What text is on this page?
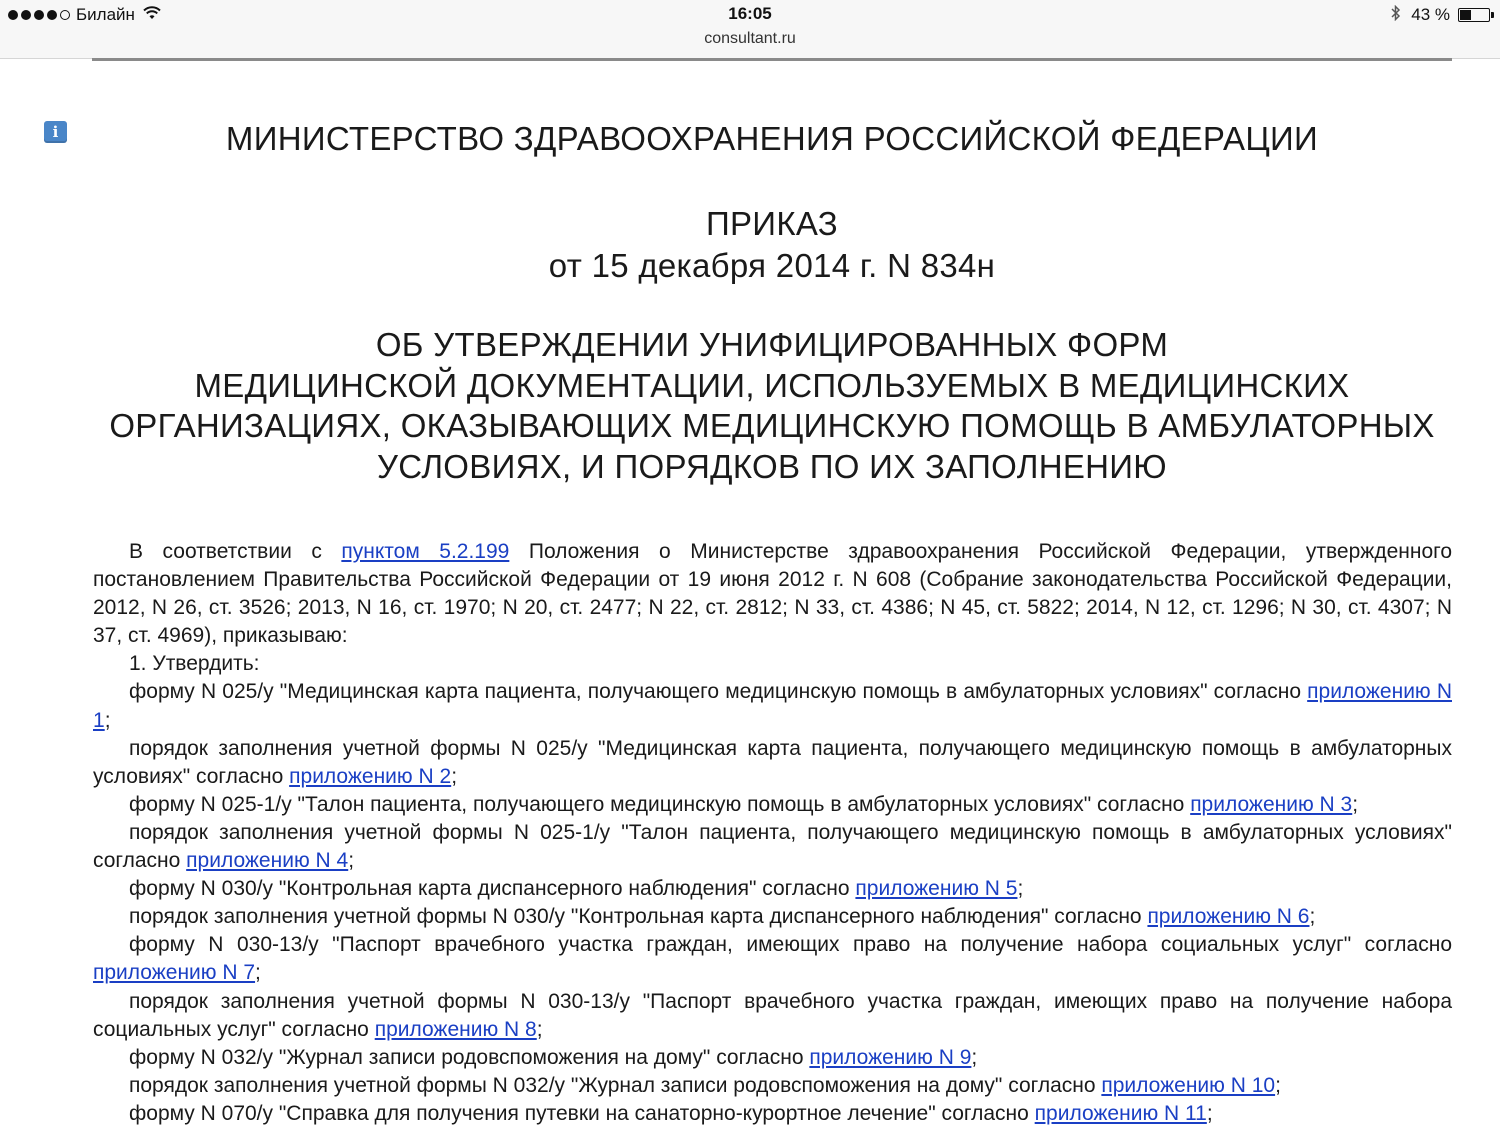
Билайн	16:05
consultant.ru
43 %
i	МИНИСТЕРСТВО ЗДРАВООХРАНЕНИЯ РОССИЙСКОЙ ФЕДЕРАЦИИ
ПРИКАЗ
от 15 декабря 2014 г. N 834н
ОБ УТВЕРЖДЕНИИ УНИФИЦИРОВАННЫХ ФОРМ
МЕДИЦИНСКОЙ ДОКУМЕНТАЦИИ, ИСПОЛЬЗУЕМЫХ В МЕДИЦИНСКИХ
ОРГАНИЗАЦИЯХ, ОКАЗЫВАЮЩИХ МЕДИЦИНСКУЮ ПОМОЩЬ В АМБУЛАТОРНЫХ
УСЛОВИЯХ, И ПОРЯДКОВ ПО ИХ ЗАПОЛНЕНИЮ

В соответствии с пунктом 5.2.199 Положения о Министерстве здравоохранения Российской Федерации, утвержденного постановлением Правительства Российской Федерации от 19 июня 2012 г. N 608 (Собрание законодательства Российской Федерации, 2012, N 26, ст. 3526; 2013, N 16, ст. 1970; N 20, ст. 2477; N 22, ст. 2812; N 33, ст. 4386; N 45, ст. 5822; 2014, N 12, ст. 1296; N 30, ст. 4307; N 37, ст. 4969), приказываю:

1. Утвердить:

форму N 025/у "Медицинская карта пациента, получающего медицинскую помощь в амбулаторных условиях" согласно приложению N 1;

порядок заполнения учетной формы N 025/у "Медицинская карта пациента, получающего медицинскую помощь в амбулаторных условиях" согласно приложению N 2;

форму N 025-1/у "Талон пациента, получающего медицинскую помощь в амбулаторных условиях" согласно приложению N 3;

порядок заполнения учетной формы N 025-1/у "Талон пациента, получающего медицинскую помощь в амбулаторных условиях" согласно приложению N 4;

форму N 030/у "Контрольная карта диспансерного наблюдения" согласно приложению N 5;

порядок заполнения учетной формы N 030/у "Контрольная карта диспансерного наблюдения" согласно приложению N 6;

форму N 030-13/у "Паспорт врачебного участка граждан, имеющих право на получение набора социальных услуг" согласно приложению N 7;

порядок заполнения учетной формы N 030-13/у "Паспорт врачебного участка граждан, имеющих право на получение набора социальных услуг" согласно приложению N 8;

форму N 032/у "Журнал записи родовспоможения на дому" согласно приложению N 9;

порядок заполнения учетной формы N 032/у "Журнал записи родовспоможения на дому" согласно приложению N 10;

форму N 070/у "Справка для получения путевки на санаторно-курортное лечение" согласно приложению N 11;
